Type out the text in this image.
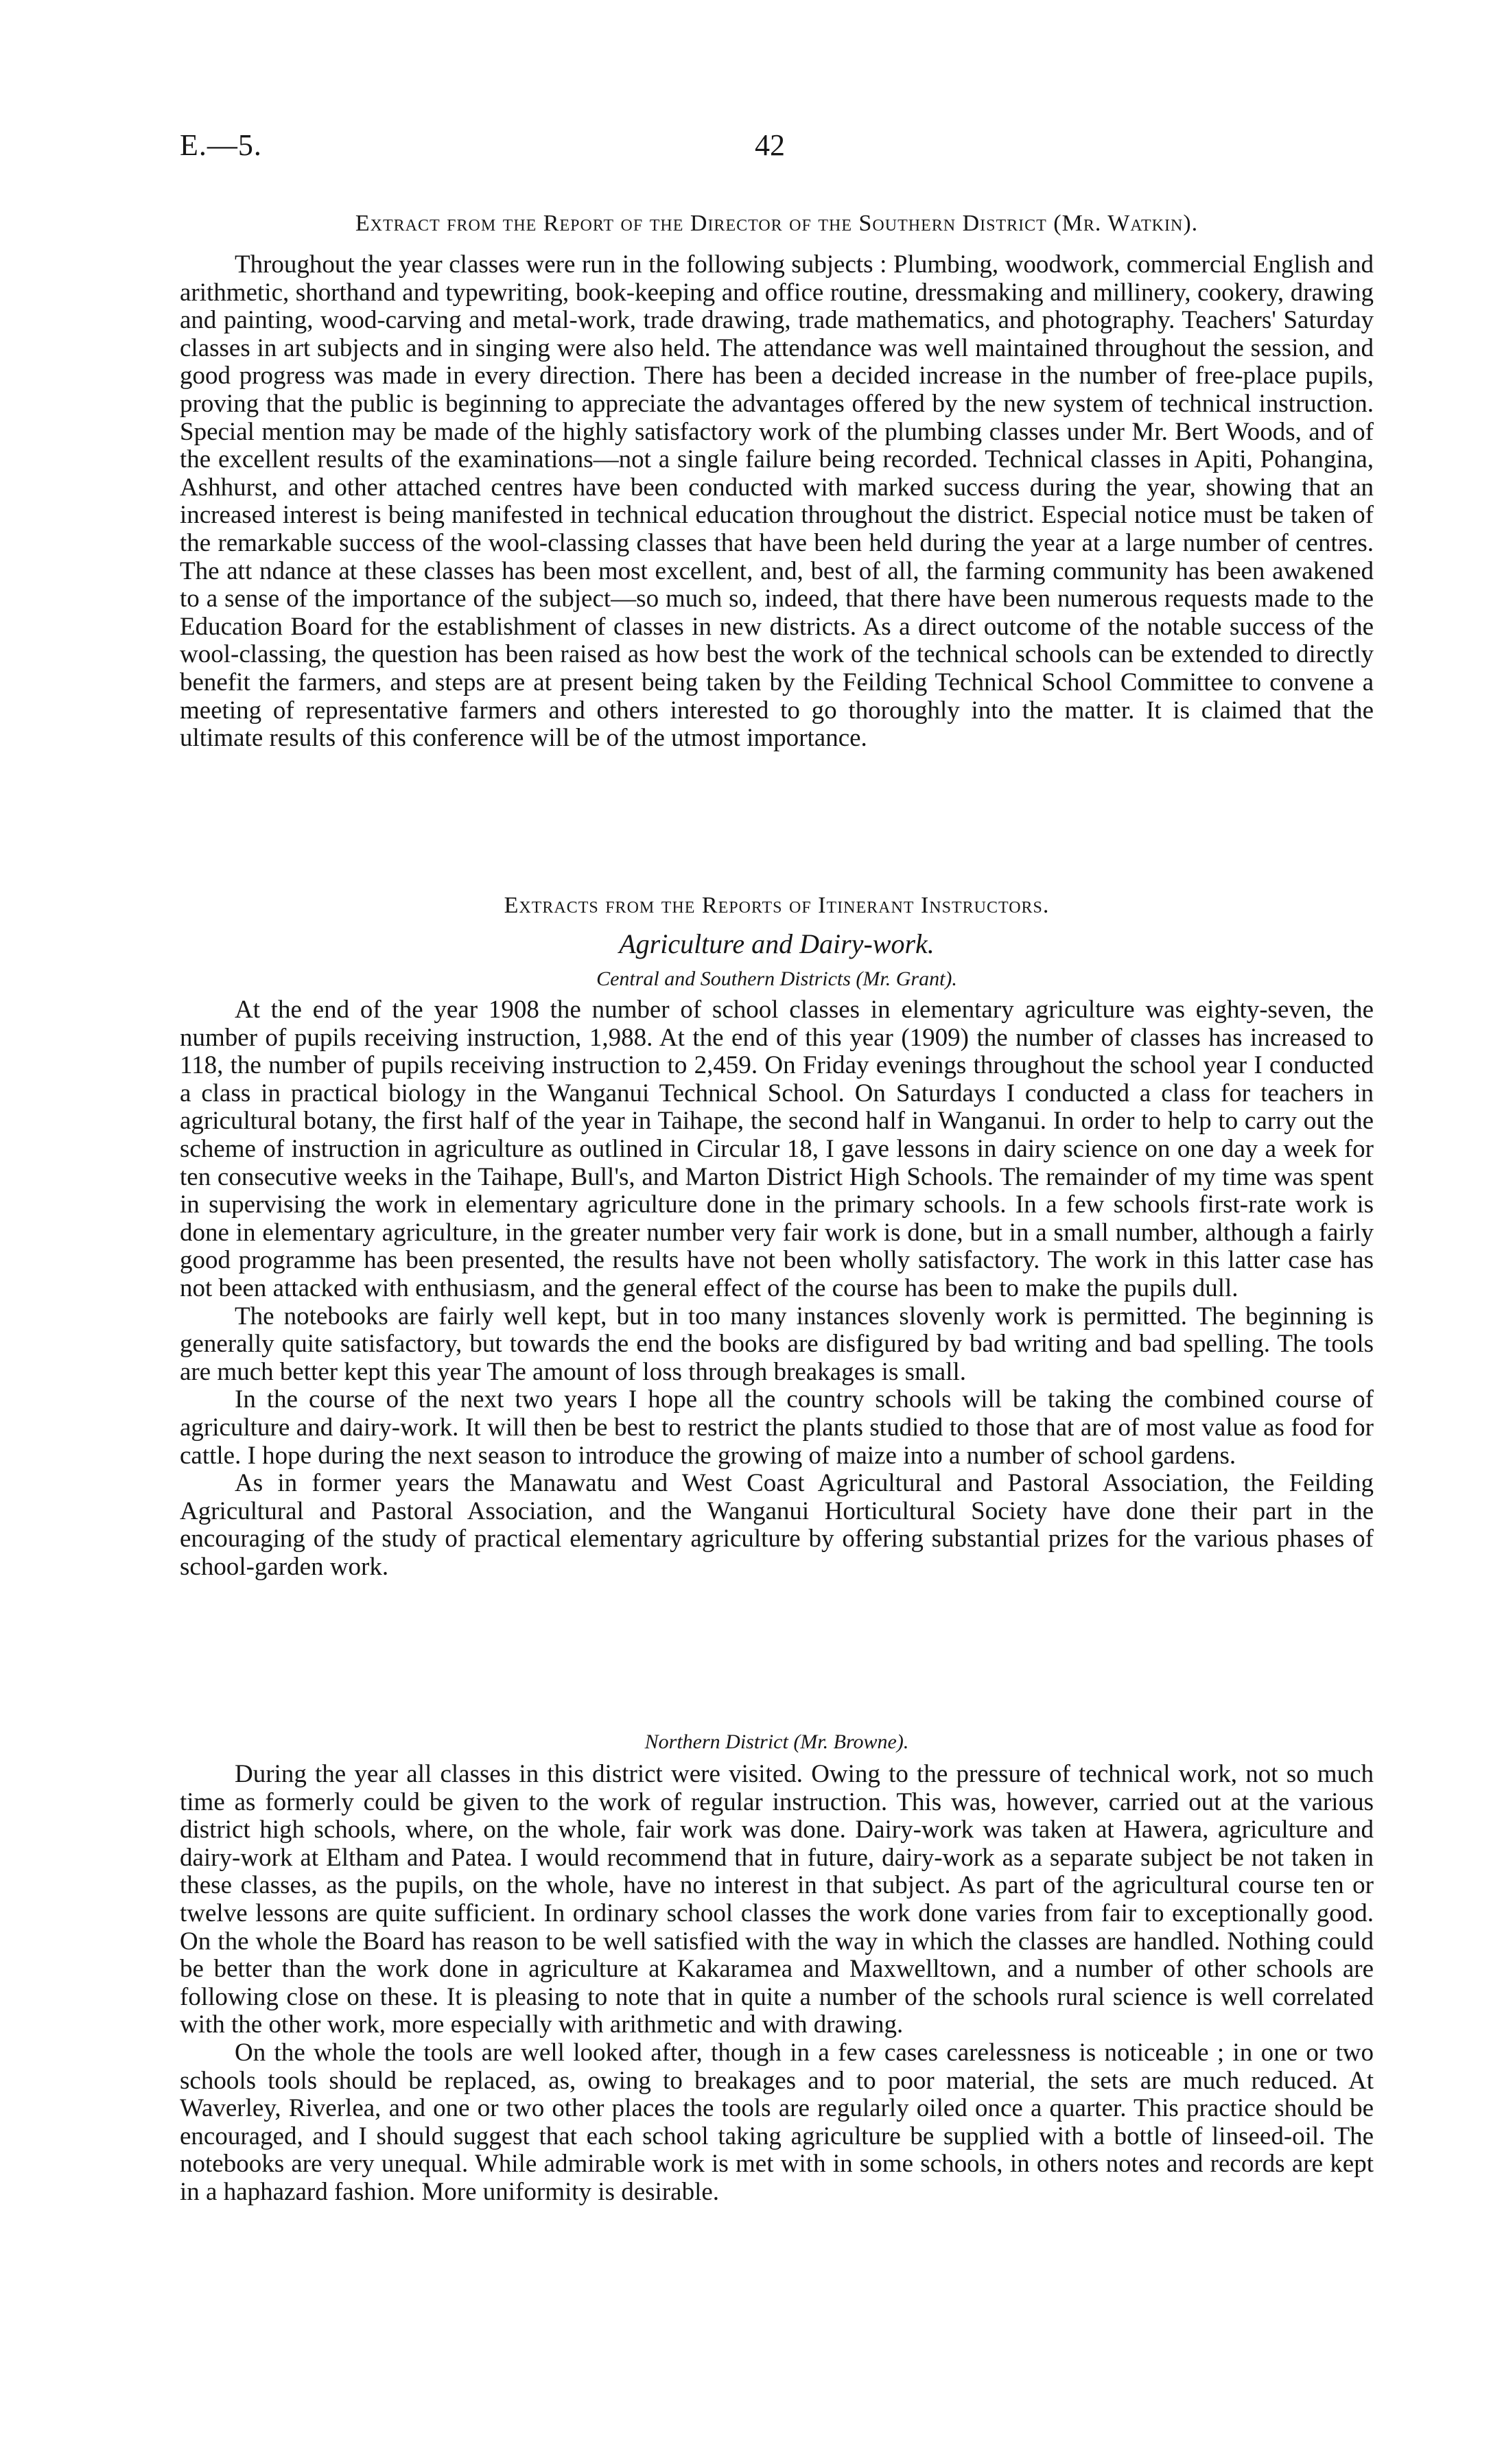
E.—5.	42

Extract from the Report of the Director of the Southern District (Mr. Watkin).

Throughout the year classes were run in the following subjects : Plumbing, woodwork, commercial English and arithmetic, shorthand and typewriting, book-keeping and office routine, dressmaking and millinery, cookery, drawing and painting, wood-carving and metal-work, trade drawing, trade mathematics, and photography. Teachers' Saturday classes in art subjects and in singing were also held. The attendance was well maintained throughout the session, and good progress was made in every direction. There has been a decided increase in the number of free-place pupils, proving that the public is beginning to appreciate the advantages offered by the new system of technical instruction. Special mention may be made of the highly satisfactory work of the plumbing classes under Mr. Bert Woods, and of the excellent results of the examinations—not a single failure being recorded. Technical classes in Apiti, Pohangina, Ashhurst, and other attached centres have been conducted with marked success during the year, showing that an increased interest is being manifested in technical education throughout the district. Especial notice must be taken of the remarkable success of the wool-classing classes that have been held during the year at a large number of centres. The att ndance at these classes has been most excellent, and, best of all, the farming community has been awakened to a sense of the importance of the subject—so much so, indeed, that there have been numerous requests made to the Education Board for the establishment of classes in new districts. As a direct outcome of the notable success of the wool-classing, the question has been raised as how best the work of the technical schools can be extended to directly benefit the farmers, and steps are at present being taken by the Feilding Technical School Committee to convene a meeting of representative farmers and others interested to go thoroughly into the matter. It is claimed that the ultimate results of this conference will be of the utmost importance.

Extracts from the Reports of Itinerant Instructors.

Agriculture and Dairy-work.

Central and Southern Districts (Mr. Grant).

At the end of the year 1908 the number of school classes in elementary agriculture was eighty-seven, the number of pupils receiving instruction, 1,988. At the end of this year (1909) the number of classes has increased to 118, the number of pupils receiving instruction to 2,459. On Friday evenings throughout the school year I conducted a class in practical biology in the Wanganui Technical School. On Saturdays I conducted a class for teachers in agricultural botany, the first half of the year in Taihape, the second half in Wanganui. In order to help to carry out the scheme of instruction in agriculture as outlined in Circular 18, I gave lessons in dairy science on one day a week for ten consecutive weeks in the Taihape, Bull's, and Marton District High Schools. The remainder of my time was spent in supervising the work in elementary agriculture done in the primary schools. In a few schools first-rate work is done in elementary agriculture, in the greater number very fair work is done, but in a small number, although a fairly good programme has been presented, the results have not been wholly satisfactory. The work in this latter case has not been attacked with enthusiasm, and the general effect of the course has been to make the pupils dull.

The notebooks are fairly well kept, but in too many instances slovenly work is permitted. The beginning is generally quite satisfactory, but towards the end the books are disfigured by bad writing and bad spelling. The tools are much better kept this year The amount of loss through breakages is small.

In the course of the next two years I hope all the country schools will be taking the combined course of agriculture and dairy-work. It will then be best to restrict the plants studied to those that are of most value as food for cattle. I hope during the next season to introduce the growing of maize into a number of school gardens.

As in former years the Manawatu and West Coast Agricultural and Pastoral Association, the Feilding Agricultural and Pastoral Association, and the Wanganui Horticultural Society have done their part in the encouraging of the study of practical elementary agriculture by offering substantial prizes for the various phases of school-garden work.

Northern District (Mr. Browne).

During the year all classes in this district were visited. Owing to the pressure of technical work, not so much time as formerly could be given to the work of regular instruction. This was, however, carried out at the various district high schools, where, on the whole, fair work was done. Dairy-work was taken at Hawera, agriculture and dairy-work at Eltham and Patea. I would recommend that in future, dairy-work as a separate subject be not taken in these classes, as the pupils, on the whole, have no interest in that subject. As part of the agricultural course ten or twelve lessons are quite sufficient. In ordinary school classes the work done varies from fair to exceptionally good. On the whole the Board has reason to be well satisfied with the way in which the classes are handled. Nothing could be better than the work done in agriculture at Kakaramea and Maxwelltown, and a number of other schools are following close on these. It is pleasing to note that in quite a number of the schools rural science is well correlated with the other work, more especially with arithmetic and with drawing.

On the whole the tools are well looked after, though in a few cases carelessness is noticeable ; in one or two schools tools should be replaced, as, owing to breakages and to poor material, the sets are much reduced. At Waverley, Riverlea, and one or two other places the tools are regularly oiled once a quarter. This practice should be encouraged, and I should suggest that each school taking agriculture be supplied with a bottle of linseed-oil. The notebooks are very unequal. While admirable work is met with in some schools, in others notes and records are kept in a haphazard fashion. More uniformity is desirable.
